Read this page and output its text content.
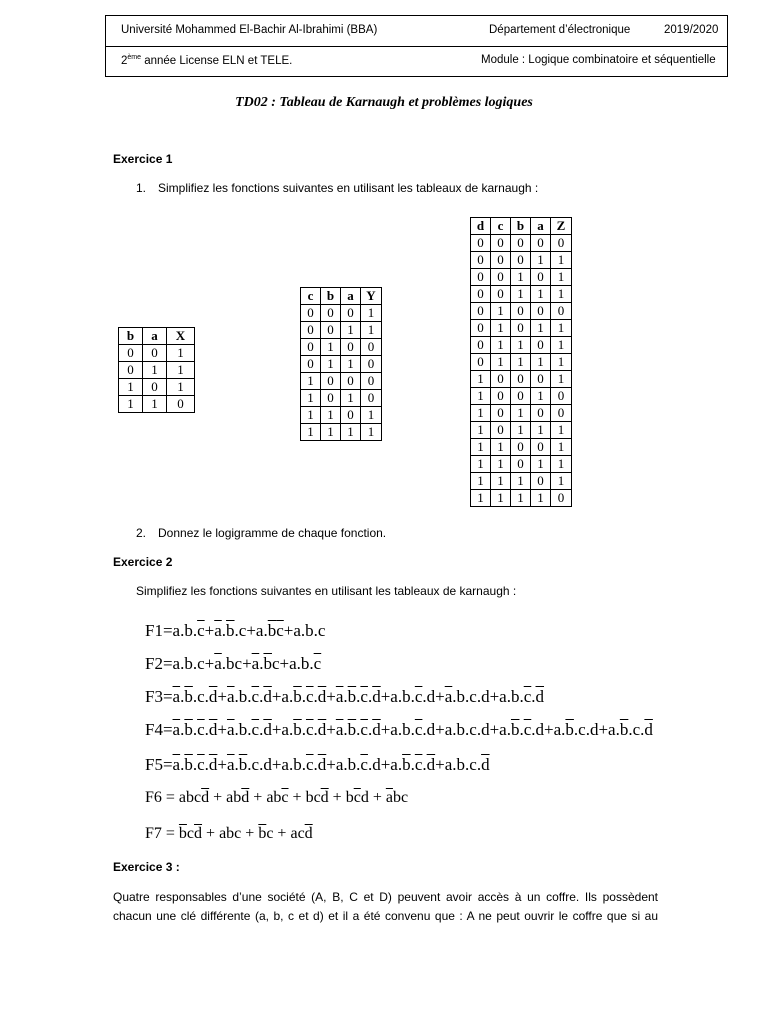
Université Mohammed El-Bachir Al-Ibrahimi (BBA)	Département d’électronique	2019/2020
2ème année License ELN et TELE.	Module : Logique combinatoire et séquentielle
TD02 : Tableau de Karnaugh et problèmes logiques
Exercice 1
1. Simplifiez les fonctions suivantes en utilisant les tableaux de karnaugh :
b	a	X
0	0	1
0	1	1
1	0	1
1	1	0
c	b	a	Y
0	0	0	1
0	0	1	1
0	1	0	0
0	1	1	0
1	0	0	0
1	0	1	0
1	1	0	1
1	1	1	1
d	c	b	a	Z
0	0	0	0	0
0	0	0	1	1
0	0	1	0	1
0	0	1	1	1
0	1	0	0	0
0	1	0	1	1
0	1	1	0	1
0	1	1	1	1
1	0	0	0	1
1	0	0	1	0
1	0	1	0	0
1	0	1	1	1
1	1	0	0	1
1	1	0	1	1
1	1	1	0	1
1	1	1	1	0
2. Donnez le logigramme de chaque fonction.
Exercice 2
Simplifiez les fonctions suivantes en utilisant les tableaux de karnaugh :
$F1=a.b.\overline{c}+\overline{a}.\overline{b}.c+a.\overline{b}\overline{c}+a.b.c$
$F2=a.b.c+\overline{a}.bc+\overline{a}.\overline{b}c+a.b.\overline{c}$
$F3=\overline{a}.\overline{b}.c.\overline{d}+\overline{a}.b.\overline{c}.\overline{d}+a.\overline{b}.\overline{c}.\overline{d}+\overline{a}.\overline{b}.\overline{c}.\overline{d}+a.b.\overline{c}.d+\overline{a}.b.c.d+a.b.\overline{c}.\overline{d}$
$F4=\overline{a}.\overline{b}.\overline{c}.\overline{d}+\overline{a}.b.\overline{c}.\overline{d}+a.\overline{b}.\overline{c}.\overline{d}+\overline{a}.\overline{b}.\overline{c}.\overline{d}+a.b.\overline{c}.d+a.b.c.d+a.\overline{b}.\overline{c}.d+a.\overline{b}.c.d+a.\overline{b}.c.\overline{d}$
$F5=\overline{a}.\overline{b}.\overline{c}.\overline{d}+\overline{a}.\overline{b}.c.d+a.b.\overline{c}.\overline{d}+a.b.\overline{c}.d+a.\overline{b}.\overline{c}.\overline{d}+a.b.c.\overline{d}$
$F6 = abc\overline{d} + ab\overline{d} + ab\overline{c} + bc\overline{d} + b\overline{c}d + \overline{a}bc$
$F7 = \overline{b}c\overline{d}$ + abc + $\overline{b}c + ac\overline{d}$
Exercice 3 :
Quatre responsables d’une société (A, B, C et D) peuvent avoir accès à un coffre. Ils possèdent
chacun une clé différente (a, b, c et d) et il a été convenu que : A ne peut ouvrir le coffre que si au
